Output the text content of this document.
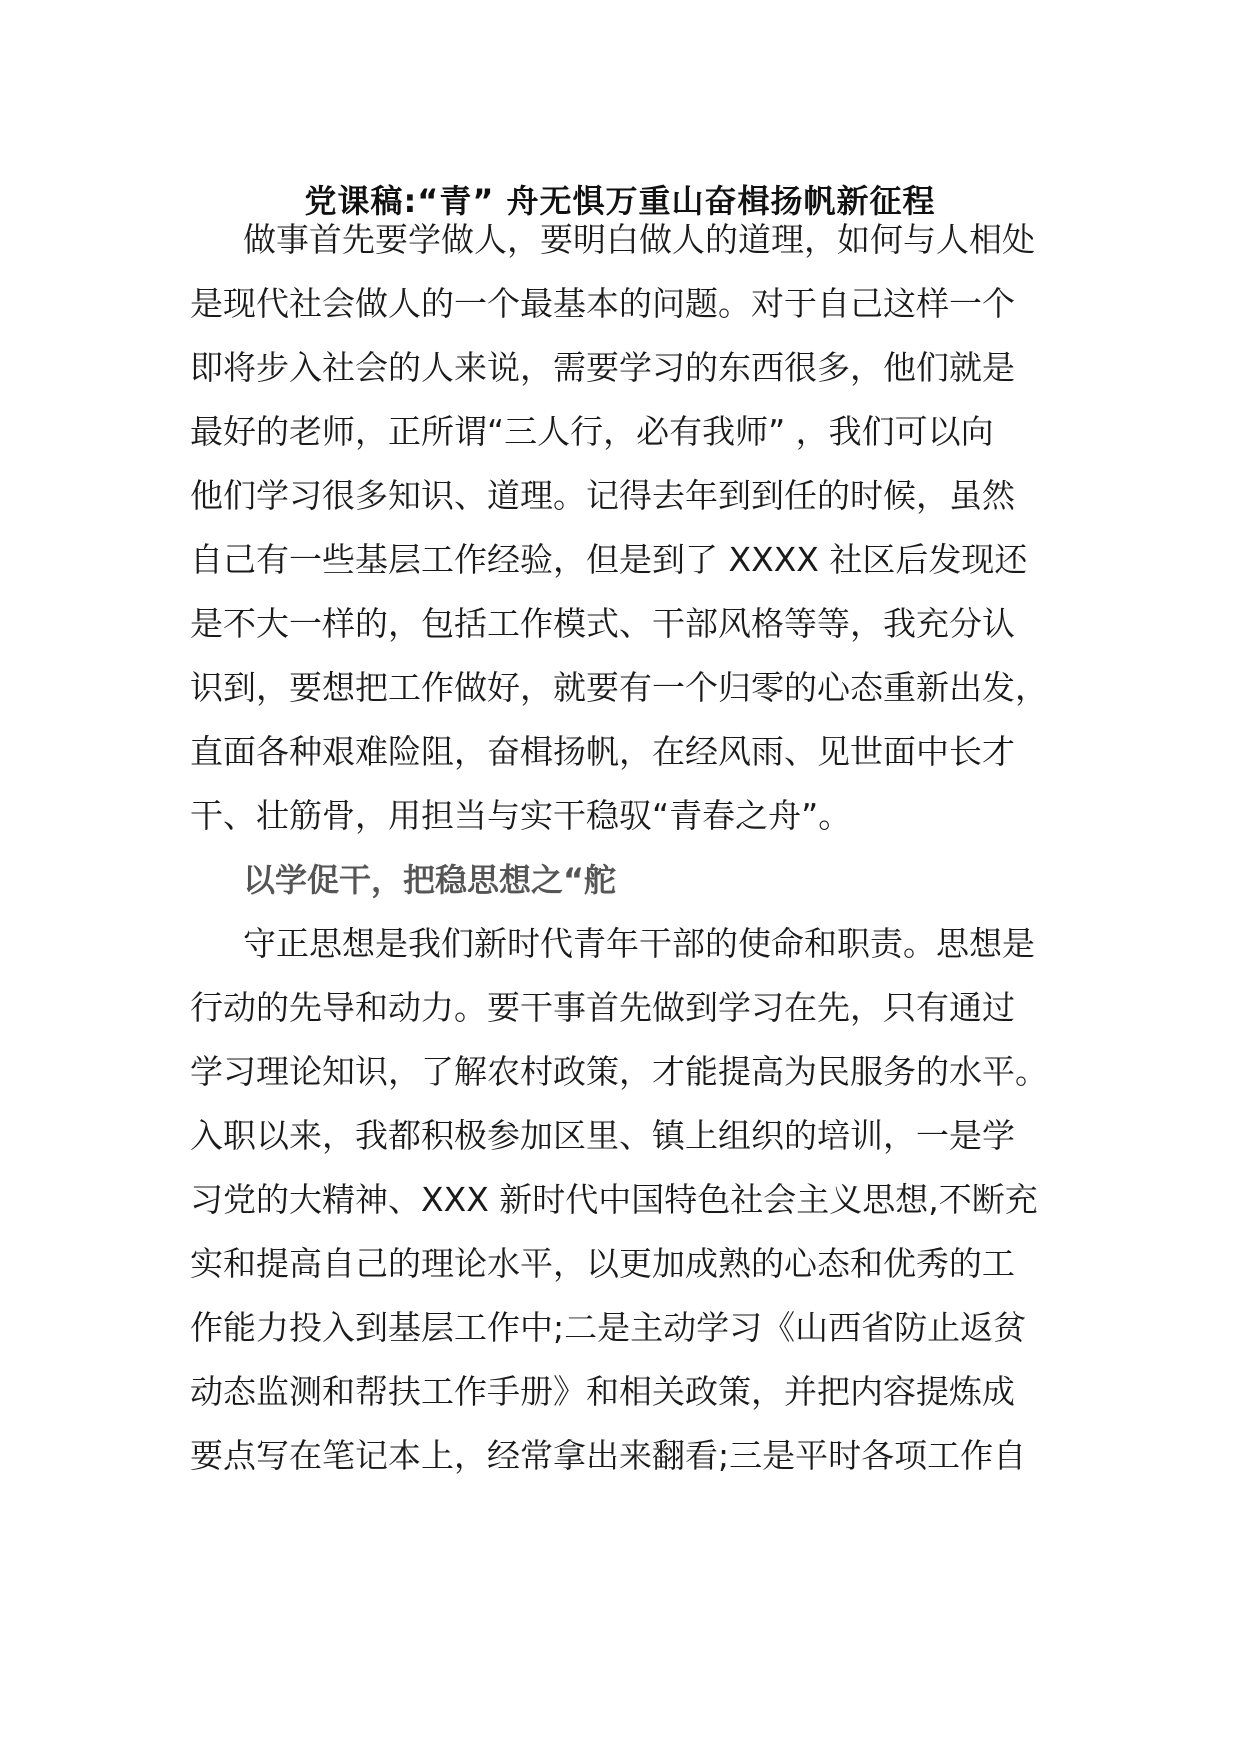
党课稿:“青” 舟无惧万重山奋楫扬帆新征程
做事首先要学做人，要明白做人的道理，如何与人相处
是现代社会做人的一个最基本的问题。对于自己这样一个
即将步入社会的人来说，需要学习的东西很多，他们就是
最好的老师，正所谓“三人行，必有我师” ，我们可以向
他们学习很多知识、道理。记得去年到到任的时候，虽然
自己有一些基层工作经验，但是到了 XXXX 社区后发现还
是不大一样的，包括工作模式、干部风格等等，我充分认
识到，要想把工作做好，就要有一个归零的心态重新出发，
直面各种艰难险阻，奋楫扬帆，在经风雨、见世面中长才
干、壮筋骨，用担当与实干稳驭“青春之舟”。
以学促干，把稳思想之“舵
守正思想是我们新时代青年干部的使命和职责。思想是
行动的先导和动力。要干事首先做到学习在先，只有通过
学习理论知识，了解农村政策，才能提高为民服务的水平。
入职以来，我都积极参加区里、镇上组织的培训，一是学
习党的大精神、XXX 新时代中国特色社会主义思想,不断充
实和提高自己的理论水平，以更加成熟的心态和优秀的工
作能力投入到基层工作中;二是主动学习《山西省防止返贫
动态监测和帮扶工作手册》和相关政策，并把内容提炼成
要点写在笔记本上，经常拿出来翻看;三是平时各项工作自
